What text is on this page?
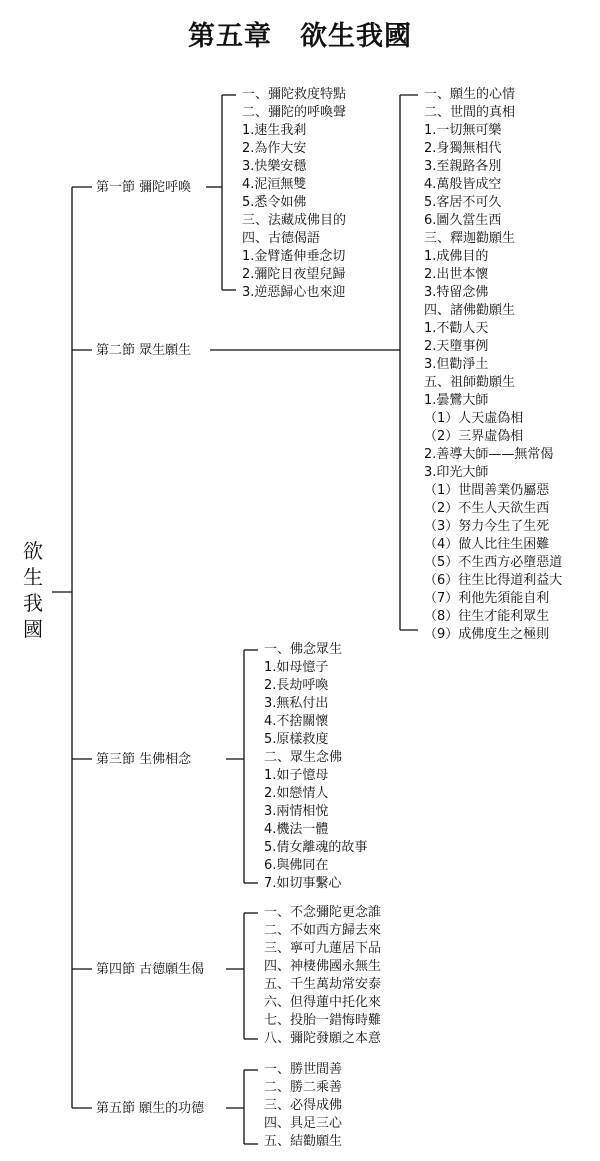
第五章　欲生我國
欲
生
我
國
第一節 彌陀呼喚
一、彌陀救度特點
二、彌陀的呼喚聲
1.速生我剎
2.為作大安
3.快樂安穩
4.泥洹無雙
5.悉令如佛
三、法藏成佛目的
四、古德偈語
1.金臂遙伸垂念切
2.彌陀日夜望兒歸
3.逆惡歸心也來迎
第二節 眾生願生
一、願生的心情
二、世間的真相
1.一切無可樂
2.身獨無相代
3.至親路各別
4.萬般皆成空
5.客居不可久
6.圖久當生西
三、釋迦勸願生
1.成佛目的
2.出世本懷
3.特留念佛
四、諸佛勸願生
1.不勸人天
2.天墮事例
3.但勸淨土
五、祖師勸願生
1.曇鸞大師
（1）人天虛偽相
（2）三界虛偽相
2.善導大師——無常偈
3.印光大師
（1）世間善業仍屬惡
（2）不生人天欲生西
（3）努力今生了生死
（4）做人比往生困難
（5）不生西方必墮惡道
（6）往生比得道利益大
（7）利他先須能自利
（8）往生才能利眾生
（9）成佛度生之極則
第三節 生佛相念
一、佛念眾生
1.如母憶子
2.長劫呼喚
3.無私付出
4.不捨關懷
5.原樣救度
二、眾生念佛
1.如子憶母
2.如戀情人
3.兩情相悅
4.機法一體
5.倩女離魂的故事
6.與佛同在
7.如切事繫心
第四節 古德願生偈
一、不念彌陀更念誰
二、不如西方歸去來
三、寧可九蓮居下品
四、神棲佛國永無生
五、千生萬劫常安泰
六、但得蓮中托化來
七、投胎一錯悔時難
八、彌陀發願之本意
第五節 願生的功德
一、勝世間善
二、勝二乘善
三、必得成佛
四、具足三心
五、結勸願生
